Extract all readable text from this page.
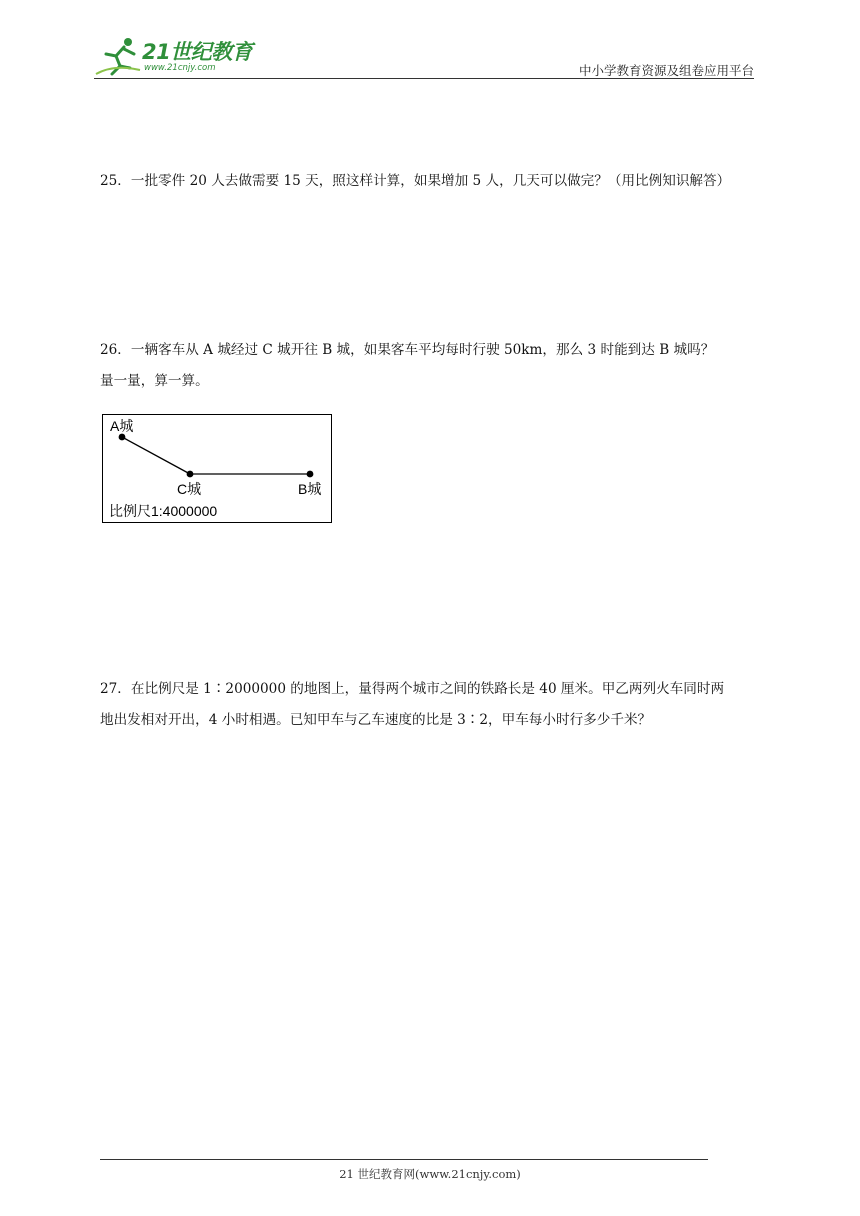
21世纪教育
www.21cnjy.com	中小学教育资源及组卷应用平台
25．一批零件 20 人去做需要 15 天，照这样计算，如果增加 5 人，几天可以做完？（用比例知识解答）
26．一辆客车从 A 城经过 C 城开往 B 城，如果客车平均每时行驶 50km，那么 3 时能到达 B 城吗？
量一量，算一算。
A城
C城	B城
比例尺1:4000000
27．在比例尺是 1∶2000000 的地图上，量得两个城市之间的铁路长是 40 厘米。甲乙两列火车同时两
地出发相对开出，4 小时相遇。已知甲车与乙车速度的比是 3∶2，甲车每小时行多少千米？
21 世纪教育网(www.21cnjy.com)
